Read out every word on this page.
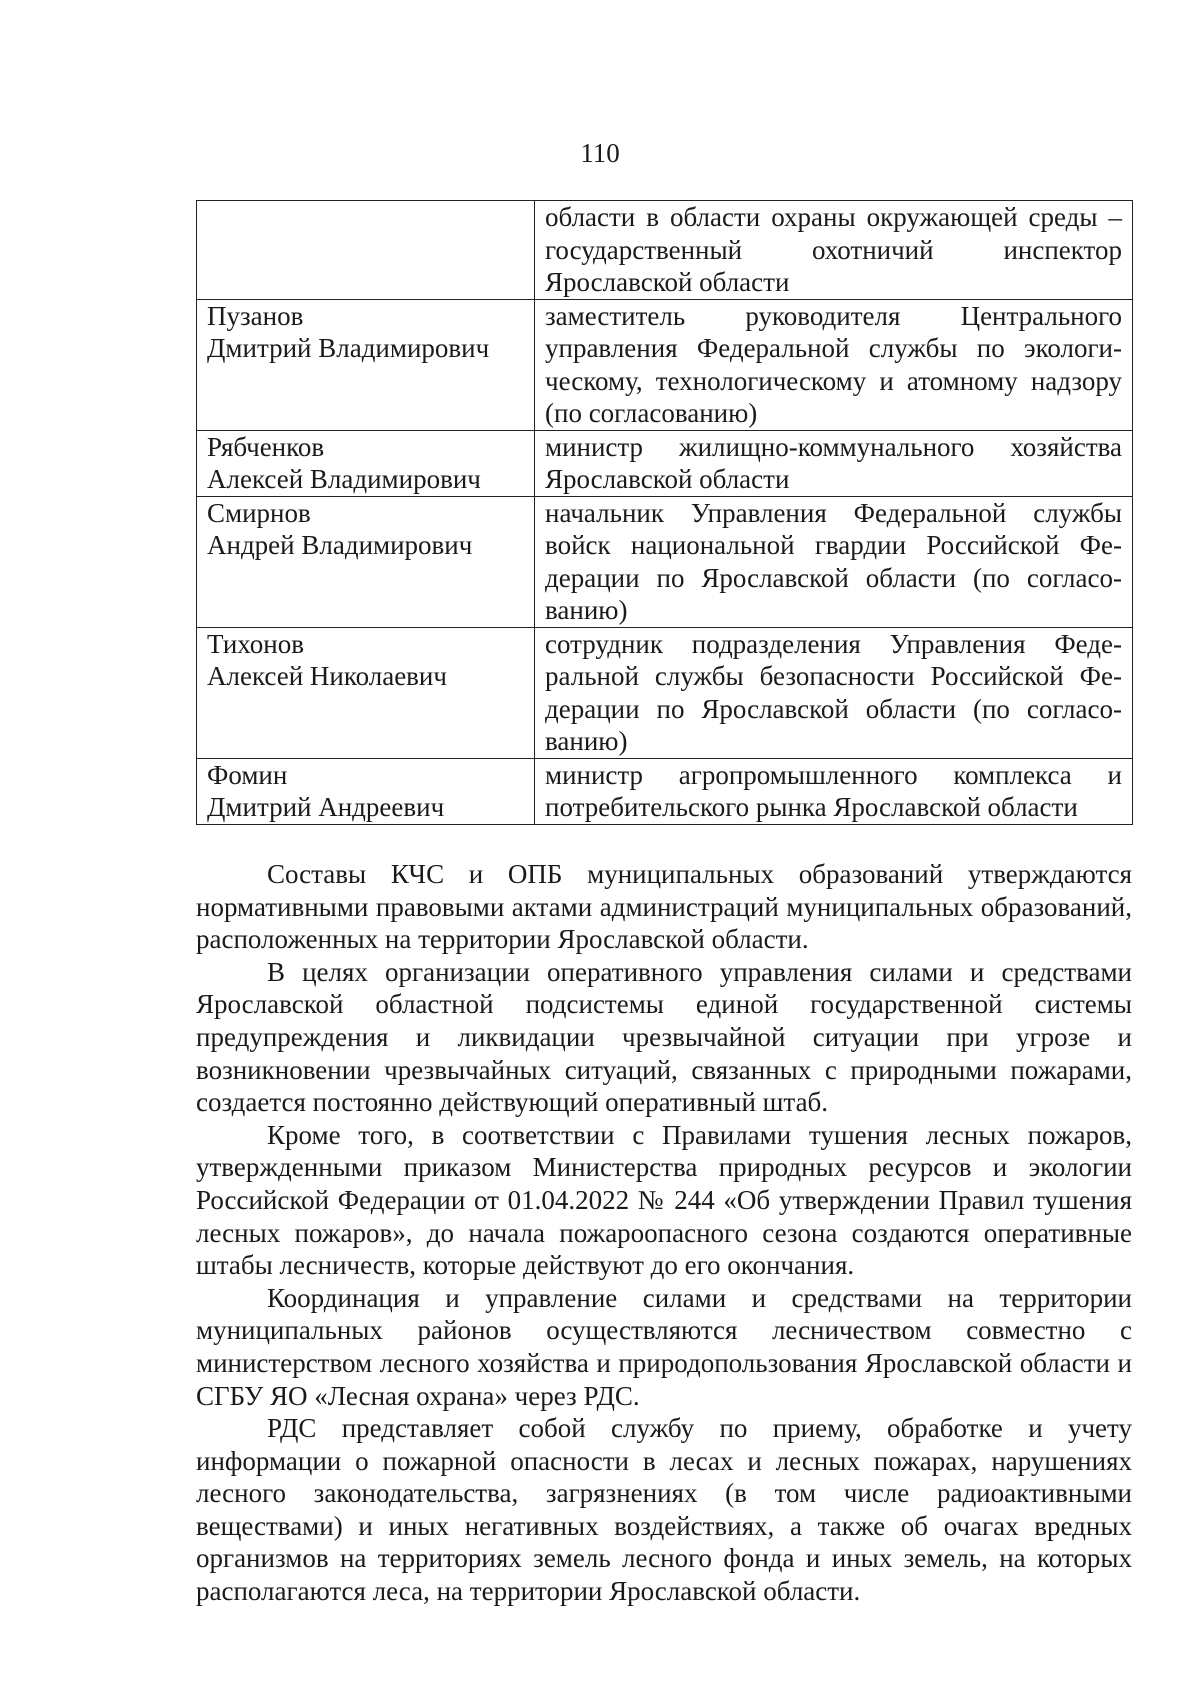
110
	области в области охраны окружающей среды – государственный охотничий инспектор Ярославской области

Пузанов
Дмитрий Владимирович	заместитель руководителя Центрального управления Федеральной службы по экологическому, технологическому и атомному надзору (по согласованию)

Рябченков
Алексей Владимирович	министр жилищно-коммунального хозяйства Ярославской области

Смирнов
Андрей Владимирович	начальник Управления Федеральной службы войск национальной гвардии Российской Федерации по Ярославской области (по согласованию)

Тихонов
Алексей Николаевич	сотрудник подразделения Управления Федеральной службы безопасности Российской Федерации по Ярославской области (по согласованию)

Фомин
Дмитрий Андреевич	министр агропромышленного комплекса и потребительского рынка Ярославской области

Составы КЧС и ОПБ муниципальных образований утверждаются нормативными правовыми актами администраций муниципальных образований, расположенных на территории Ярославской области.

В целях организации оперативного управления силами и средствами Ярославской областной подсистемы единой государственной системы предупреждения и ликвидации чрезвычайной ситуации при угрозе и возникновении чрезвычайных ситуаций, связанных с природными пожарами, создается постоянно действующий оперативный штаб.

Кроме того, в соответствии с Правилами тушения лесных пожаров, утвержденными приказом Министерства природных ресурсов и экологии Российской Федерации от 01.04.2022 № 244 «Об утверждении Правил тушения лесных пожаров», до начала пожароопасного сезона создаются оперативные штабы лесничеств, которые действуют до его окончания.

Координация и управление силами и средствами на территории муниципальных районов осуществляются лесничеством совместно с министерством лесного хозяйства и природопользования Ярославской области и СГБУ ЯО «Лесная охрана» через РДС.

РДС представляет собой службу по приему, обработке и учету информации о пожарной опасности в лесах и лесных пожарах, нарушениях лесного законодательства, загрязнениях (в том числе радиоактивными веществами) и иных негативных воздействиях, а также об очагах вредных организмов на территориях земель лесного фонда и иных земель, на которых располагаются леса, на территории Ярославской области.
